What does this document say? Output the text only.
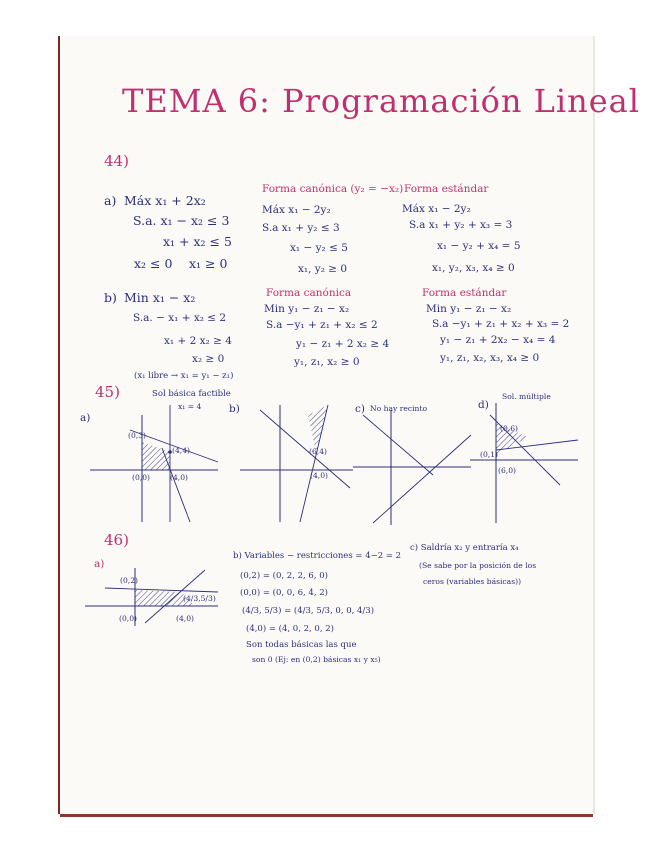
TEMA 6: Programación Lineal
44)
a) Máx x₁ + 2x₂
S.a. x₁ − x₂ ≤ 3
x₁ + x₂ ≤ 5
x₂ ≤ 0 x₁ ≥ 0
Forma canónica (y₂ = −x₂)
Máx x₁ − 2y₂
S.a x₁ + y₂ ≤ 3
x₁ − y₂ ≤ 5
x₁, y₂ ≥ 0
Forma estándar
Máx x₁ − 2y₂
S.a x₁ + y₂ + x₃ = 3
x₁ − y₂ + x₄ = 5
x₁, y₂, x₃, x₄ ≥ 0
b) Min x₁ − x₂
S.a. − x₁ + x₂ ≤ 2
x₁ + 2 x₂ ≥ 4
x₂ ≥ 0
(x₁ libre → x₁ = y₁ − z₁)
Forma canónica
Min y₁ − z₁ − x₂
S.a −y₁ + z₁ + x₂ ≤ 2
y₁ − z₁ + 2 x₂ ≥ 4
y₁, z₁, x₂ ≥ 0
Forma estándar
Min y₁ − z₁ − x₂
S.a −y₁ + z₁ + x₂ + x₃ = 2
y₁ − z₁ + 2x₂ − x₄ = 4
y₁, z₁, x₂, x₃, x₄ ≥ 0
45)
a)
Sol básica factible
x₁ = 4	b)	c) No hay recinto	d)
Sol. múltiple
(0,3)
(4,4)
(0,0)	(4,0)
(6,4)
(4,0)
(0,6)
(0,1)
(6,0)
46)
a)
(0,2)
(4/3,5/3)
(0,0)	(4,0)
b) Variables − restricciones = 4−2 = 2
(0,2) = (0, 2, 2, 6, 0)
(0,0) = (0, 0, 6, 4, 2)
(4/3, 5/3) = (4/3, 5/3, 0, 0, 4/3)
(4,0) = (4, 0, 2, 0, 2)
Son todas básicas las que
son 0 (Ej: en (0,2) básicas x₁ y x₅)
c) Saldría x₂ y entraría x₄
(Se sabe por la posición de los
ceros (variables básicas))
